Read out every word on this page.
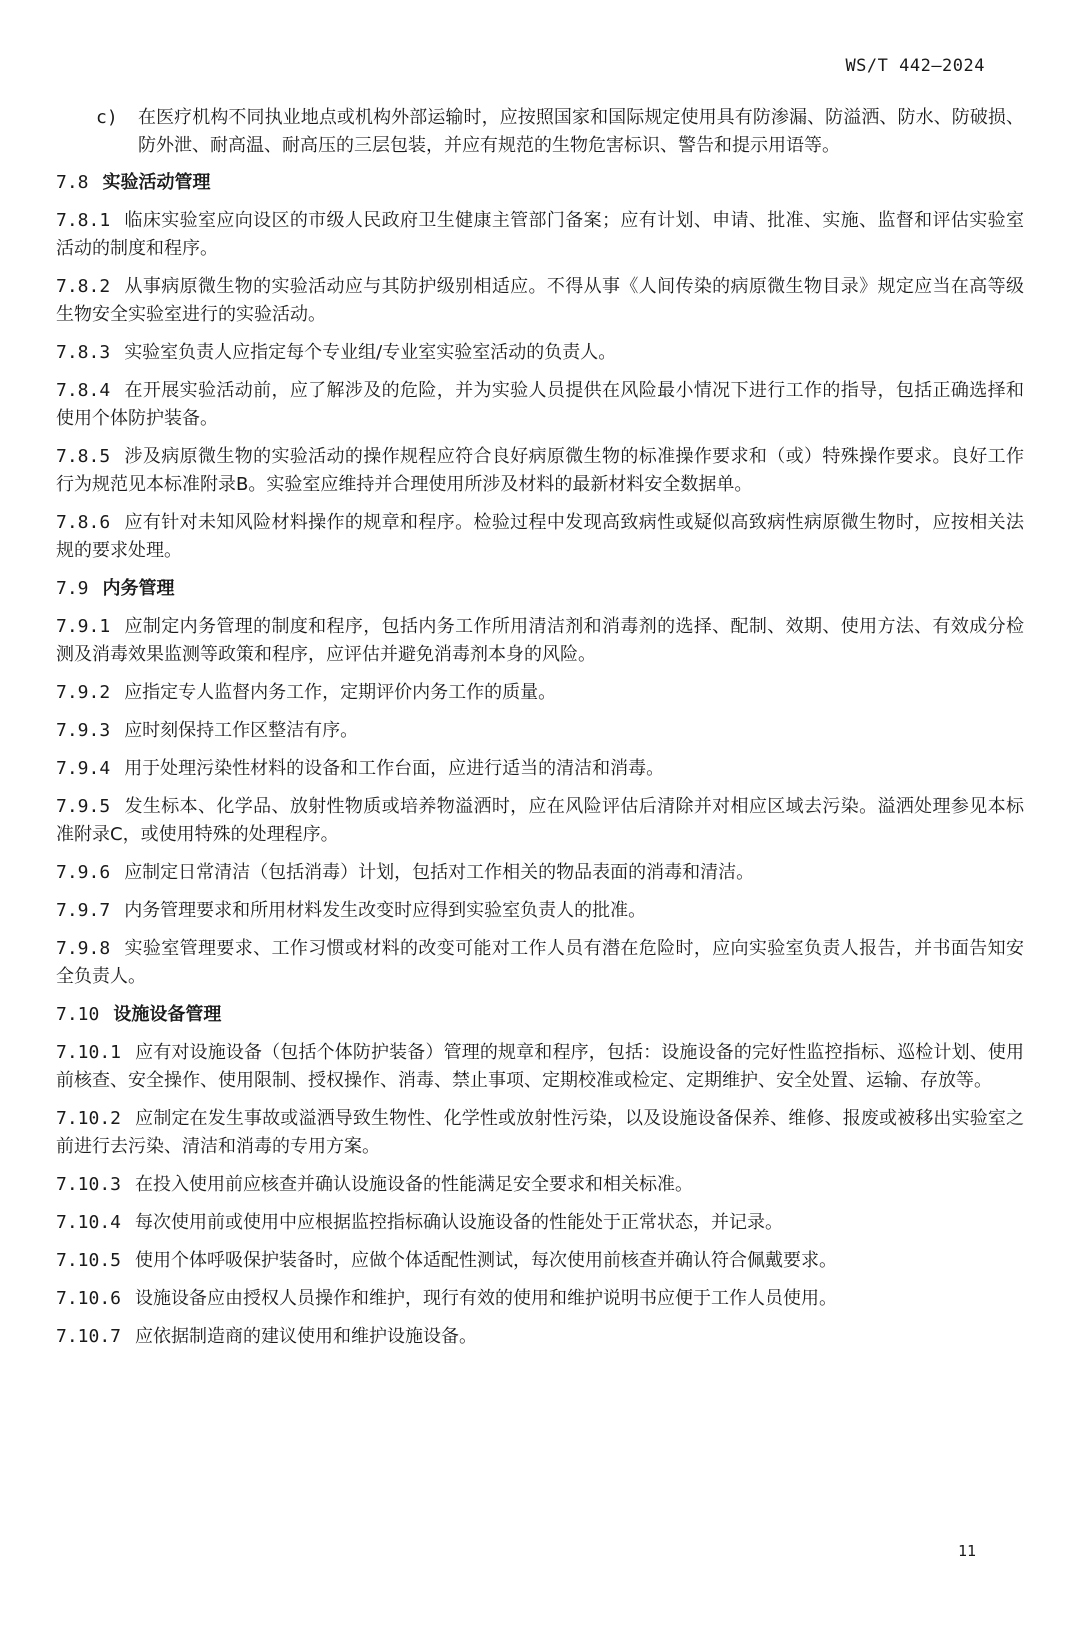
WS/T 442—2024
c)	在医疗机构不同执业地点或机构外部运输时，应按照国家和国际规定使用具有防渗漏、防溢洒、防水、防破损、防外泄、耐高温、耐高压的三层包装，并应有规范的生物危害标识、警告和提示用语等。
7.8 实验活动管理
7.8.1 临床实验室应向设区的市级人民政府卫生健康主管部门备案；应有计划、申请、批准、实施、监督和评估实验室活动的制度和程序。
7.8.2 从事病原微生物的实验活动应与其防护级别相适应。不得从事《人间传染的病原微生物目录》规定应当在高等级生物安全实验室进行的实验活动。
7.8.3 实验室负责人应指定每个专业组/专业室实验室活动的负责人。
7.8.4 在开展实验活动前，应了解涉及的危险，并为实验人员提供在风险最小情况下进行工作的指导，包括正确选择和使用个体防护装备。
7.8.5 涉及病原微生物的实验活动的操作规程应符合良好病原微生物的标准操作要求和（或）特殊操作要求。良好工作行为规范见本标准附录B。实验室应维持并合理使用所涉及材料的最新材料安全数据单。
7.8.6 应有针对未知风险材料操作的规章和程序。检验过程中发现高致病性或疑似高致病性病原微生物时，应按相关法规的要求处理。
7.9 内务管理
7.9.1 应制定内务管理的制度和程序，包括内务工作所用清洁剂和消毒剂的选择、配制、效期、使用方法、有效成分检测及消毒效果监测等政策和程序，应评估并避免消毒剂本身的风险。
7.9.2 应指定专人监督内务工作，定期评价内务工作的质量。
7.9.3 应时刻保持工作区整洁有序。
7.9.4 用于处理污染性材料的设备和工作台面，应进行适当的清洁和消毒。
7.9.5 发生标本、化学品、放射性物质或培养物溢洒时，应在风险评估后清除并对相应区域去污染。溢洒处理参见本标准附录C，或使用特殊的处理程序。
7.9.6 应制定日常清洁（包括消毒）计划，包括对工作相关的物品表面的消毒和清洁。
7.9.7 内务管理要求和所用材料发生改变时应得到实验室负责人的批准。
7.9.8 实验室管理要求、工作习惯或材料的改变可能对工作人员有潜在危险时，应向实验室负责人报告，并书面告知安全负责人。
7.10 设施设备管理
7.10.1 应有对设施设备（包括个体防护装备）管理的规章和程序，包括：设施设备的完好性监控指标、巡检计划、使用前核查、安全操作、使用限制、授权操作、消毒、禁止事项、定期校准或检定、定期维护、安全处置、运输、存放等。
7.10.2 应制定在发生事故或溢洒导致生物性、化学性或放射性污染，以及设施设备保养、维修、报废或被移出实验室之前进行去污染、清洁和消毒的专用方案。
7.10.3 在投入使用前应核查并确认设施设备的性能满足安全要求和相关标准。
7.10.4 每次使用前或使用中应根据监控指标确认设施设备的性能处于正常状态，并记录。
7.10.5 使用个体呼吸保护装备时，应做个体适配性测试，每次使用前核查并确认符合佩戴要求。
7.10.6 设施设备应由授权人员操作和维护，现行有效的使用和维护说明书应便于工作人员使用。
7.10.7 应依据制造商的建议使用和维护设施设备。
11
